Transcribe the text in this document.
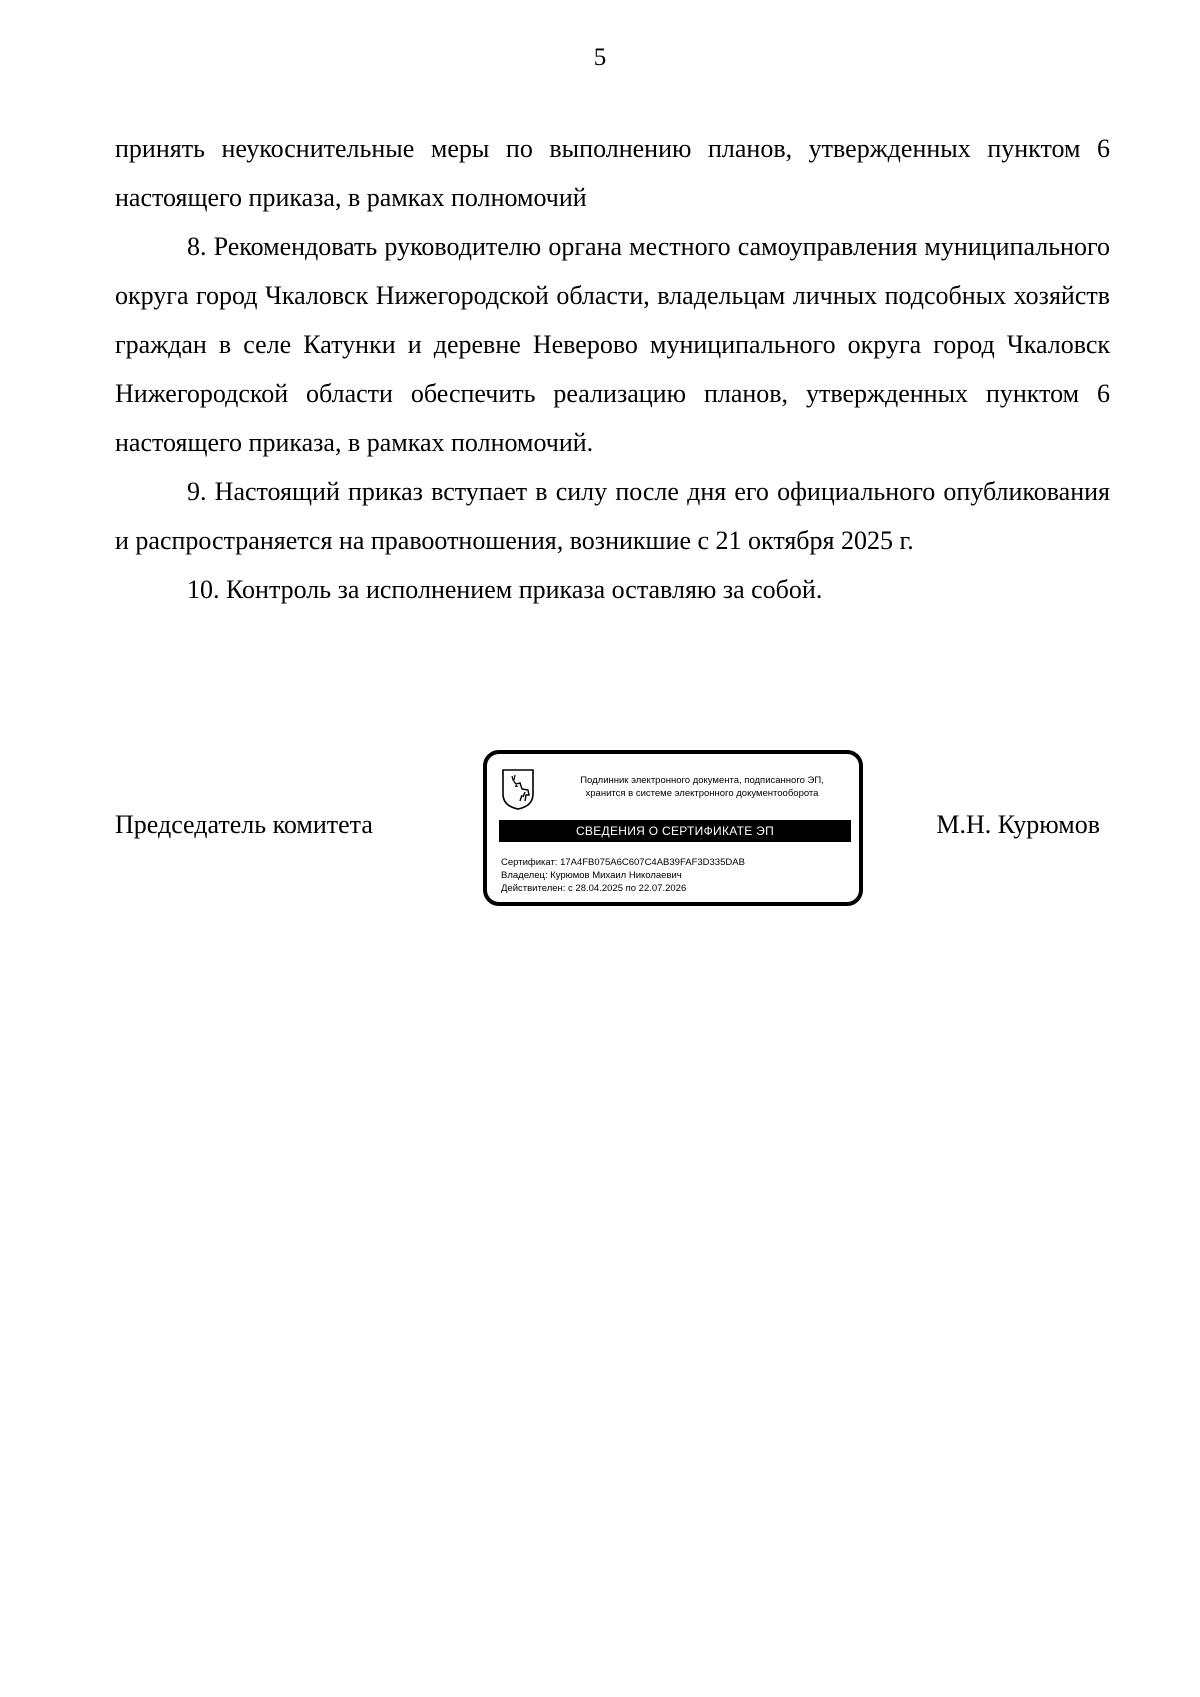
5

принять неукоснительные меры по выполнению планов, утвержденных пунктом 6 настоящего приказа, в рамках полномочий

8. Рекомендовать руководителю органа местного самоуправления муниципального округа город Чкаловск Нижегородской области, владельцам личных подсобных хозяйств граждан в селе Катунки и деревне Неверово муниципального округа город Чкаловск Нижегородской области обеспечить реализацию планов, утвержденных пунктом 6 настоящего приказа, в рамках полномочий.

9. Настоящий приказ вступает в силу после дня его официального опубликования и распространяется на правоотношения, возникшие с 21 октября 2025 г.

10. Контроль за исполнением приказа оставляю за собой.

Председатель комитета
Подлинник электронного документа, подписанного ЭП,
хранится в системе электронного документооборота
СВЕДЕНИЯ О СЕРТИФИКАТЕ ЭП
Сертификат: 17A4FB075A6C607C4AB39FAF3D335DAB
Владелец: Курюмов Михаил Николаевич
Действителен: с 28.04.2025 по 22.07.2026
М.Н. Курюмов
